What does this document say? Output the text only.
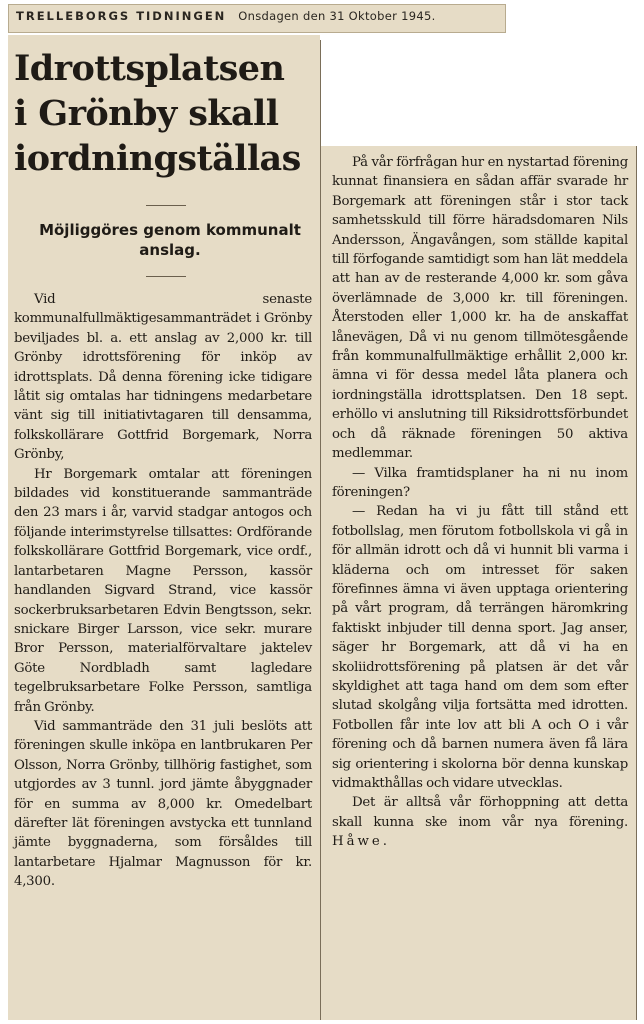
TRELLEBORGS TIDNINGEN Onsdagen den 31 Oktober 1945.
Idrottsplatsen
i Grönby skall
iordningställas
Möjliggöres genom kommunalt anslag.

Vid senaste kommunalfullmäktigesammanträdet i Grönby beviljades bl. a. ett anslag av 2,000 kr. till Grönby idrottsförening för inköp av idrottsplats. Då denna förening icke tidigare låtit sig omtalas har tidningens medarbetare vänt sig till initiativtagaren till densamma, folkskollärare Gottfrid Borgemark, Norra Grönby,

Hr Borgemark omtalar att föreningen bildades vid konstituerande sammanträde den 23 mars i år, varvid stadgar antogos och följande interimstyrelse tillsattes: Ordförande folkskollärare Gottfrid Borgemark, vice ordf., lantarbetaren Magne Persson, kassör handlanden Sigvard Strand, vice kassör sockerbruksarbetaren Edvin Bengtsson, sekr. snickare Birger Larsson, vice sekr. murare Bror Persson, materialförvaltare jaktelev Göte Nordbladh samt lagledare tegelbruksarbetare Folke Persson, samtliga från Grönby.

Vid sammanträde den 31 juli beslöts att föreningen skulle inköpa en lantbrukaren Per Olsson, Norra Grönby, tillhörig fastighet, som utgjordes av 3 tunnl. jord jämte åbyggnader för en summa av 8,000 kr. Omedelbart därefter lät föreningen avstycka ett tunnland jämte byggnaderna, som försåldes till lantarbetare Hjalmar Magnusson för kr. 4,300.

På vår förfrågan hur en nystartad förening kunnat finansiera en sådan affär svarade hr Borgemark att föreningen står i stor tack samhetsskuld till förre häradsdomaren Nils Andersson, Ängavången, som ställde kapital till förfogande samtidigt som han lät meddela att han av de resterande 4,000 kr. som gåva överlämnade de 3,000 kr. till föreningen. Återstoden eller 1,000 kr. ha de anskaffat lånevägen, Då vi nu genom tillmötesgående från kommunalfullmäktige erhållit 2,000 kr. ämna vi för dessa medel låta planera och iordningställa idrottsplatsen. Den 18 sept. erhöllo vi anslutning till Riksidrottsförbundet och då räknade föreningen 50 aktiva medlemmar.

— Vilka framtidsplaner ha ni nu inom föreningen?

— Redan ha vi ju fått till stånd ett fotbollslag, men förutom fotbollskola vi gå in för allmän idrott och då vi hunnit bli varma i kläderna och om intresset för saken förefinnes ämna vi även upptaga orientering på vårt program, då terrängen häromkring faktiskt inbjuder till denna sport. Jag anser, säger hr Borgemark, att då vi ha en skoliidrottsförening på platsen är det vår skyldighet att taga hand om dem som efter slutad skolgång vilja fortsätta med idrotten. Fotbollen får inte lov att bli A och O i vår förening och då barnen numera även få lära sig orientering i skolorna bör denna kunskap vidmakthållas och vidare utvecklas.

Det är alltså vår förhoppning att detta skall kunna ske inom vår nya förening. Håwe.
